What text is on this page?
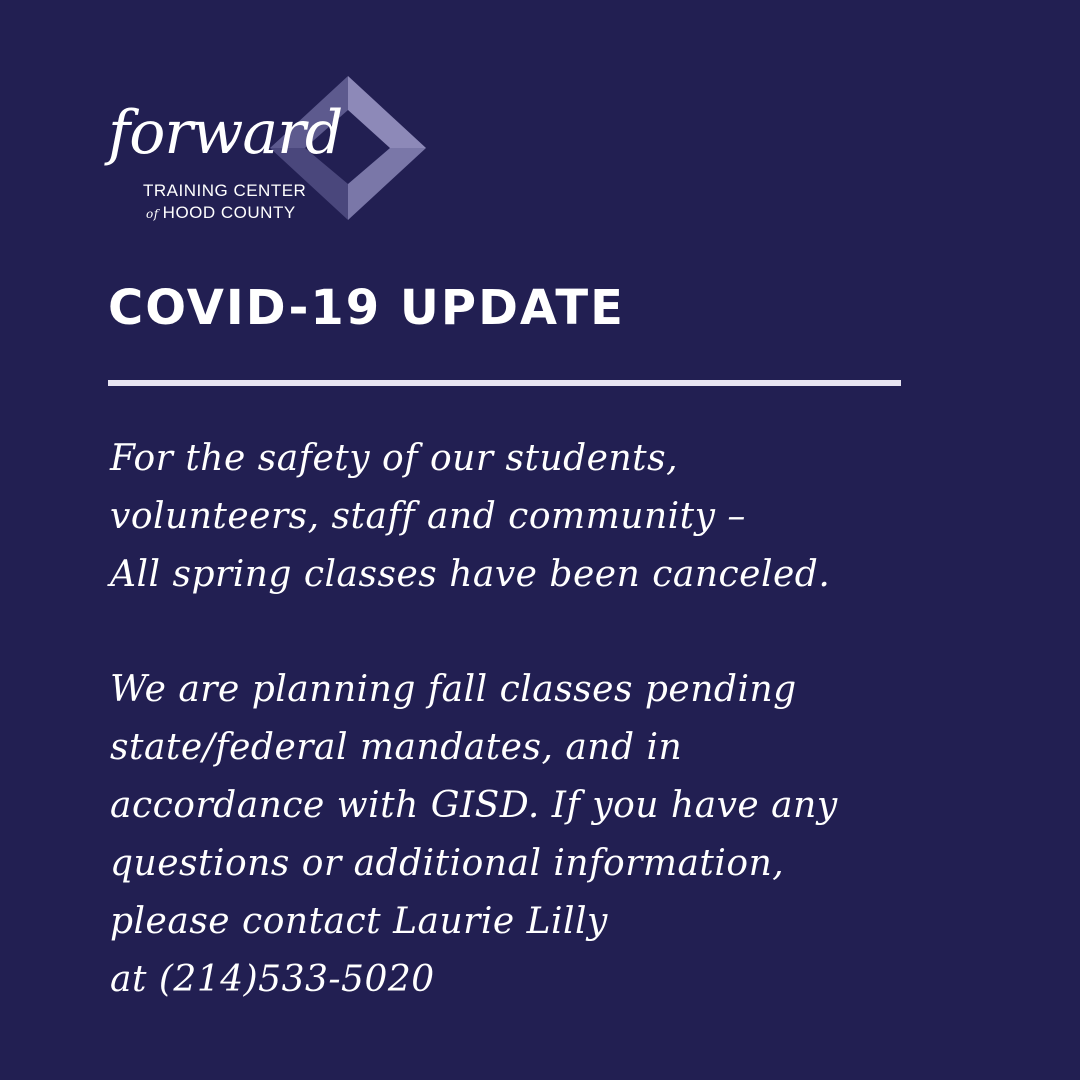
forward
TRAINING CENTER
of HOOD COUNTY
COVID-19 UPDATE
For the safety of our students,
volunteers, staff and community –
All spring classes have been canceled.
We are planning fall classes pending
state/federal mandates, and in
accordance with GISD. If you have any
questions or additional information,
please contact Laurie Lilly
at (214)533-5020
